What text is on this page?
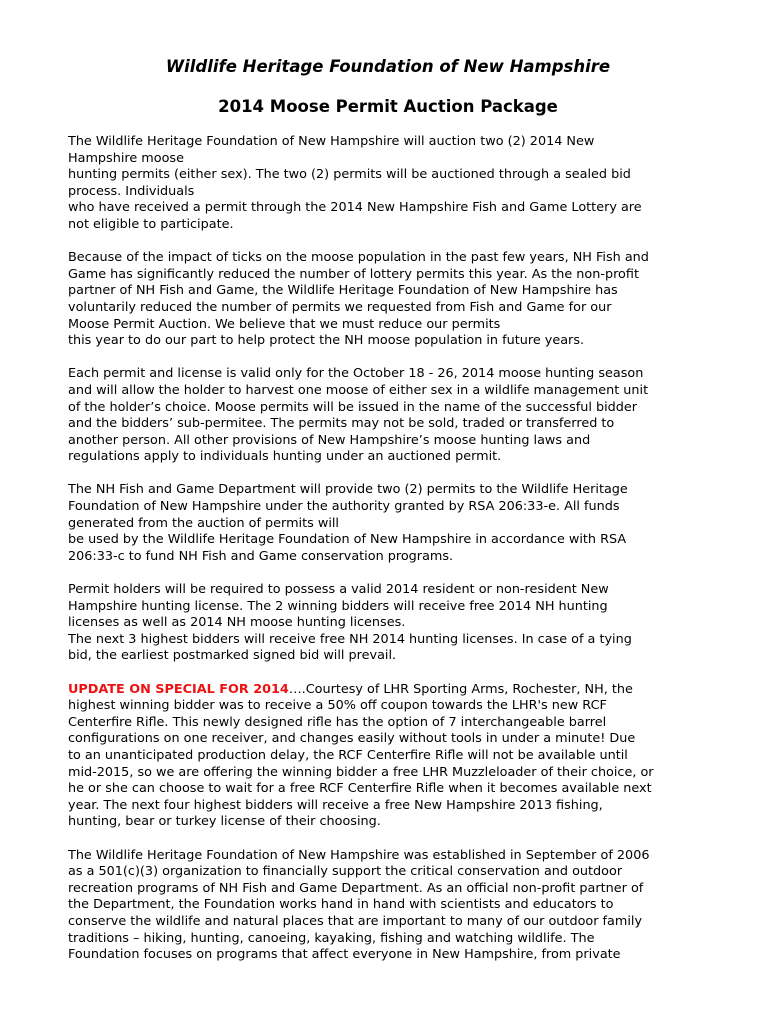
Wildlife Heritage Foundation of New Hampshire
2014 Moose Permit Auction Package

The Wildlife Heritage Foundation of New Hampshire will auction two (2) 2014 New
Hampshire moose
hunting permits (either sex). The two (2) permits will be auctioned through a sealed bid
process. Individuals
who have received a permit through the 2014 New Hampshire Fish and Game Lottery are
not eligible to participate.

Because of the impact of ticks on the moose population in the past few years, NH Fish and
Game has significantly reduced the number of lottery permits this year. As the non-profit
partner of NH Fish and Game, the Wildlife Heritage Foundation of New Hampshire has
voluntarily reduced the number of permits we requested from Fish and Game for our
Moose Permit Auction. We believe that we must reduce our permits
this year to do our part to help protect the NH moose population in future years.

Each permit and license is valid only for the October 18 - 26, 2014 moose hunting season
and will allow the holder to harvest one moose of either sex in a wildlife management unit
of the holder’s choice. Moose permits will be issued in the name of the successful bidder
and the bidders’ sub-permitee. The permits may not be sold, traded or transferred to
another person. All other provisions of New Hampshire’s moose hunting laws and
regulations apply to individuals hunting under an auctioned permit.

The NH Fish and Game Department will provide two (2) permits to the Wildlife Heritage
Foundation of New Hampshire under the authority granted by RSA 206:33-e. All funds
generated from the auction of permits will
be used by the Wildlife Heritage Foundation of New Hampshire in accordance with RSA
206:33-c to fund NH Fish and Game conservation programs.

Permit holders will be required to possess a valid 2014 resident or non-resident New
Hampshire hunting license. The 2 winning bidders will receive free 2014 NH hunting
licenses as well as 2014 NH moose hunting licenses.
The next 3 highest bidders will receive free NH 2014 hunting licenses. In case of a tying
bid, the earliest postmarked signed bid will prevail.

UPDATE ON SPECIAL FOR 2014….Courtesy of LHR Sporting Arms, Rochester, NH, the
highest winning bidder was to receive a 50% off coupon towards the LHR's new RCF
Centerfire Rifle. This newly designed rifle has the option of 7 interchangeable barrel
configurations on one receiver, and changes easily without tools in under a minute! Due
to an unanticipated production delay, the RCF Centerfire Rifle will not be available until
mid-2015, so we are offering the winning bidder a free LHR Muzzleloader of their choice, or
he or she can choose to wait for a free RCF Centerfire Rifle when it becomes available next
year. The next four highest bidders will receive a free New Hampshire 2013 fishing,
hunting, bear or turkey license of their choosing.

The Wildlife Heritage Foundation of New Hampshire was established in September of 2006
as a 501(c)(3) organization to financially support the critical conservation and outdoor
recreation programs of NH Fish and Game Department. As an official non-profit partner of
the Department, the Foundation works hand in hand with scientists and educators to
conserve the wildlife and natural places that are important to many of our outdoor family
traditions – hiking, hunting, canoeing, kayaking, fishing and watching wildlife. The
Foundation focuses on programs that affect everyone in New Hampshire, from private
